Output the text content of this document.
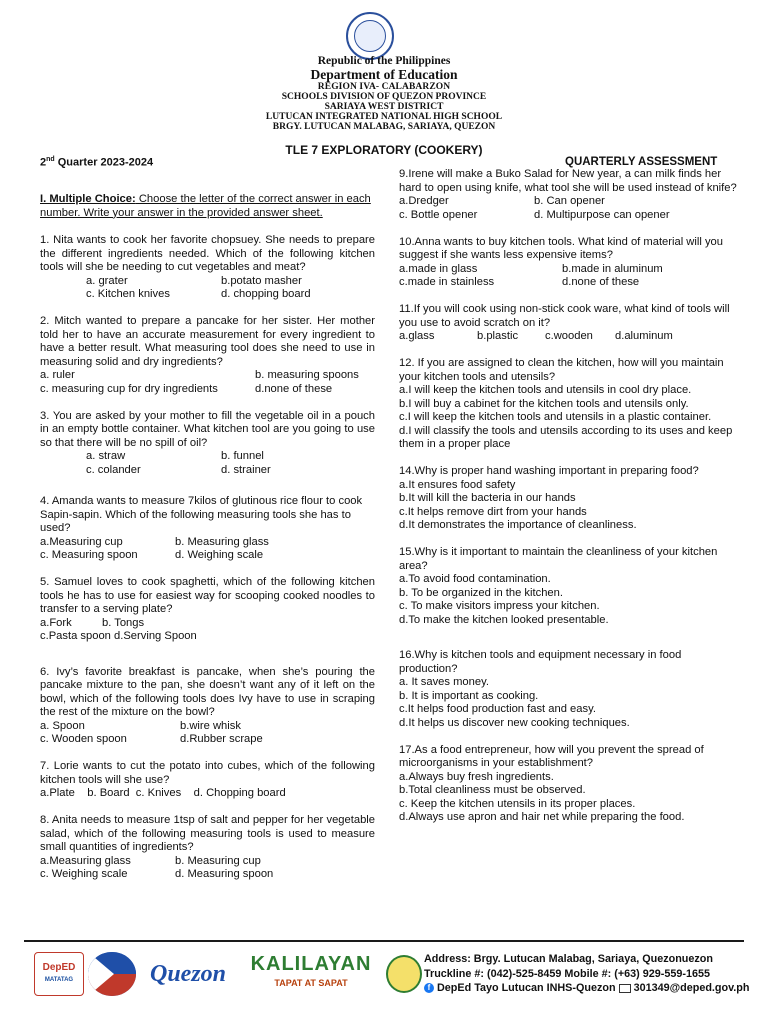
Republic of the Philippines
Department of Education
REGION IVA- CALABARZON
SCHOOLS DIVISION OF QUEZON PROVINCE
SARIAYA WEST DISTRICT
LUTUCAN INTEGRATED NATIONAL HIGH SCHOOL
BRGY. LUTUCAN MALABAG, SARIAYA, QUEZON
TLE 7 EXPLORATORY (COOKERY)
2nd Quarter 2023-2024	QUARTERLY ASSESSMENT

I. Multiple Choice: Choose the letter of the correct answer in each number. Write your answer in the provided answer sheet.

1. Nita wants to cook her favorite chopsuey. She needs to prepare the different ingredients needed. Which of the following kitchen tools will she be needing to cut vegetables and meat?

a. grater	b.potato masher
c. Kitchen knives	d. chopping board

2. Mitch wanted to prepare a pancake for her sister. Her mother told her to have an accurate measurement for every ingredient to have a better result. What measuring tool does she need to use in measuring solid and dry ingredients?

a. ruler	b. measuring spoons
c. measuring cup for dry ingredients	d.none of these

3. You are asked by your mother to fill the vegetable oil in a pouch in an empty bottle container. What kitchen tool are you going to use so that there will be no spill of oil?

a. straw	b. funnel
c. colander	d. strainer

4. Amanda wants to measure 7kilos of glutinous rice flour to cook Sapin-sapin. Which of the following measuring tools she has to used?

a.Measuring cup	b. Measuring glass
c. Measuring spoon	d. Weighing scale

5. Samuel loves to cook spaghetti, which of the following kitchen tools he has to use for easiest way for scooping cooked noodles to transfer to a serving plate?

a.Fork	b. Tongs
c.Pasta spoon d.Serving Spoon

6. Ivy’s favorite breakfast is pancake, when she’s pouring the pancake mixture to the pan, she doesn’t want any of it left on the bowl, which of the following tools does Ivy have to use in scraping the rest of the mixture on the bowl?

a. Spoon	b.wire whisk
c. Wooden spoon	d.Rubber scrape

7. Lorie wants to cut the potato into cubes, which of the following kitchen tools will she use?

a.Plate b. Board c. Knives d. Chopping board

8. Anita needs to measure 1tsp of salt and pepper for her vegetable salad, which of the following measuring tools is used to measure small quantities of ingredients?

a.Measuring glass	b. Measuring cup
c. Weighing scale	d. Measuring spoon

9.Irene will make a Buko Salad for New year, a can milk finds her hard to open using knife, what tool she will be used instead of knife?

a.Dredger	b. Can opener
c. Bottle opener	d. Multipurpose can opener

10.Anna wants to buy kitchen tools. What kind of material will you suggest if she wants less expensive items?

a.made in glass	b.made in aluminum
c.made in stainless	d.none of these

11.If you will cook using non-stick cook ware, what kind of tools will you use to avoid scratch on it?

a.glass	b.plastic	c.wooden	d.aluminum

12. If you are assigned to clean the kitchen, how will you maintain your kitchen tools and utensils?

a.I will keep the kitchen tools and utensils in cool dry place.

b.I will buy a cabinet for the kitchen tools and utensils only.

c.I will keep the kitchen tools and utensils in a plastic container.

d.I will classify the tools and utensils according to its uses and keep them in a proper place

14.Why is proper hand washing important in preparing food?

a.It ensures food safety

b.It will kill the bacteria in our hands

c.It helps remove dirt from your hands

d.It demonstrates the importance of cleanliness.

15.Why is it important to maintain the cleanliness of your kitchen area?

a.To avoid food contamination.

b. To be organized in the kitchen.

c. To make visitors impress your kitchen.

d.To make the kitchen looked presentable.

16.Why is kitchen tools and equipment necessary in food production?

a. It saves money.

b. It is important as cooking.

c.It helps food production fast and easy.

d.It helps us discover new cooking techniques.

17.As a food entrepreneur, how will you prevent the spread of microorganisms in your establishment?

a.Always buy fresh ingredients.

b.Total cleanliness must be observed.

c. Keep the kitchen utensils in its proper places.

d.Always use apron and hair net while preparing the food.

DepED
MATATAG	Quezon	KALILAYAN
TAPAT AT SAPAT
Address: Brgy. Lutucan Malabag, Sariaya, Quezonuezon
Truckline #: (042)-525-8459 Mobile #: (+63) 929-559-1655
f DepEd Tayo Lutucan INHS-Quezon 301349@deped.gov.ph
